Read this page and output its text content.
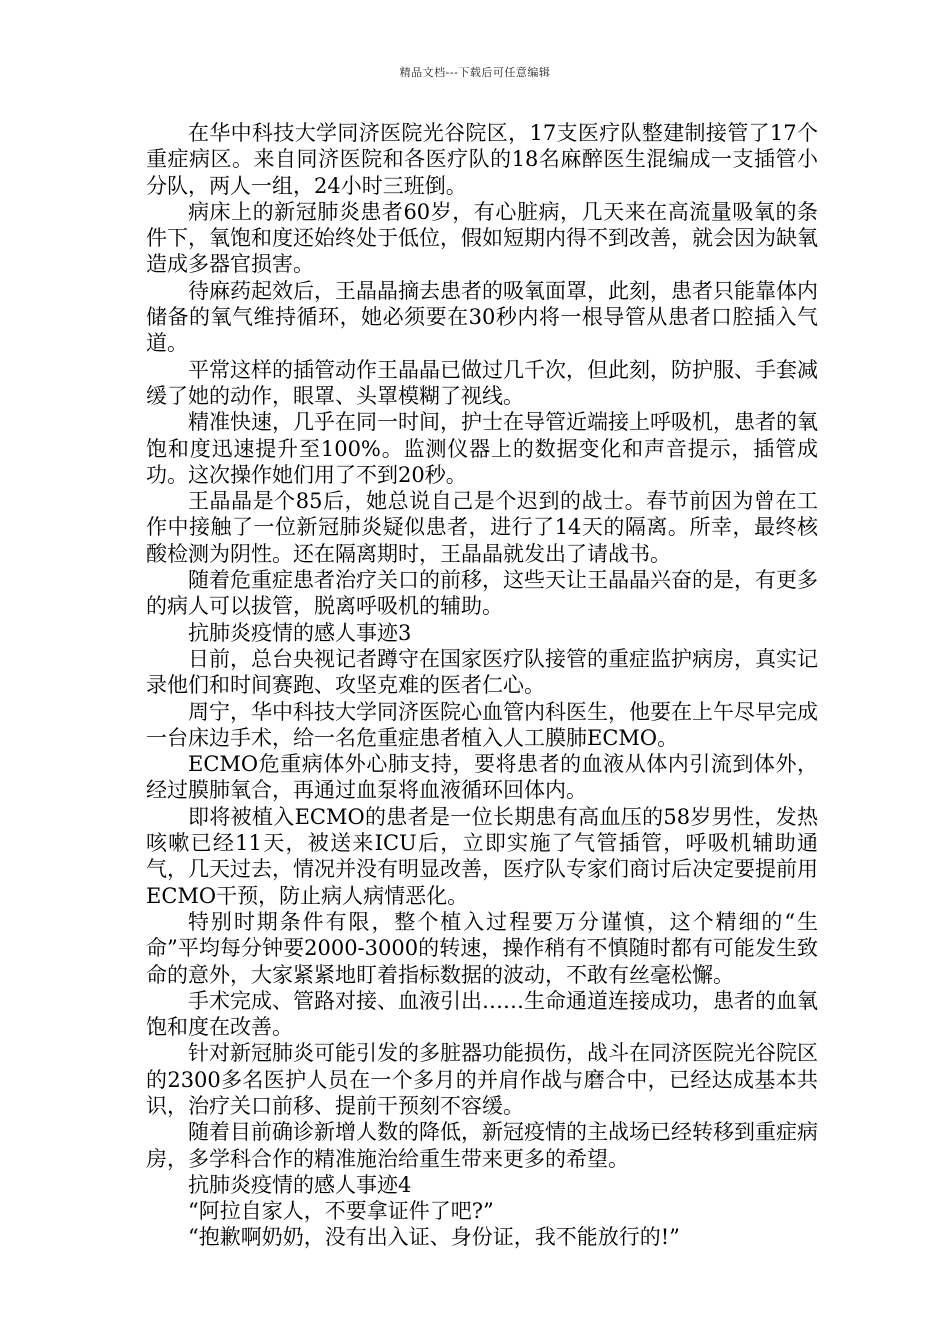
精品文档---下载后可任意编辑

在华中科技大学同济医院光谷院区，17支医疗队整建制接管了17个重症病区。来自同济医院和各医疗队的18名麻醉医生混编成一支插管小分队，两人一组，24小时三班倒。

病床上的新冠肺炎患者60岁，有心脏病，几天来在高流量吸氧的条件下，氧饱和度还始终处于低位，假如短期内得不到改善，就会因为缺氧造成多器官损害。

待麻药起效后，王晶晶摘去患者的吸氧面罩，此刻，患者只能靠体内储备的氧气维持循环，她必须要在30秒内将一根导管从患者口腔插入气道。

平常这样的插管动作王晶晶已做过几千次，但此刻，防护服、手套减缓了她的动作，眼罩、头罩模糊了视线。

精准快速，几乎在同一时间，护士在导管近端接上呼吸机，患者的氧饱和度迅速提升至100%。监测仪器上的数据变化和声音提示，插管成功。这次操作她们用了不到20秒。

王晶晶是个85后，她总说自己是个迟到的战士。春节前因为曾在工作中接触了一位新冠肺炎疑似患者，进行了14天的隔离。所幸，最终核酸检测为阴性。还在隔离期时，王晶晶就发出了请战书。

随着危重症患者治疗关口的前移，这些天让王晶晶兴奋的是，有更多的病人可以拔管，脱离呼吸机的辅助。

抗肺炎疫情的感人事迹3

日前，总台央视记者蹲守在国家医疗队接管的重症监护病房，真实记录他们和时间赛跑、攻坚克难的医者仁心。

周宁，华中科技大学同济医院心血管内科医生，他要在上午尽早完成一台床边手术，给一名危重症患者植入人工膜肺ECMO。

ECMO危重病体外心肺支持，要将患者的血液从体内引流到体外，经过膜肺氧合，再通过血泵将血液循环回体内。

即将被植入ECMO的患者是一位长期患有高血压的58岁男性，发热咳嗽已经11天，被送来ICU后，立即实施了气管插管，呼吸机辅助通气，几天过去，情况并没有明显改善，医疗队专家们商讨后决定要提前用ECMO干预，防止病人病情恶化。

特别时期条件有限，整个植入过程要万分谨慎，这个精细的“生命”平均每分钟要2000-3000的转速，操作稍有不慎随时都有可能发生致命的意外，大家紧紧地盯着指标数据的波动，不敢有丝毫松懈。

手术完成、管路对接、血液引出……生命通道连接成功，患者的血氧饱和度在改善。

针对新冠肺炎可能引发的多脏器功能损伤，战斗在同济医院光谷院区的2300多名医护人员在一个多月的并肩作战与磨合中，已经达成基本共识，治疗关口前移、提前干预刻不容缓。

随着目前确诊新增人数的降低，新冠疫情的主战场已经转移到重症病房，多学科合作的精准施治给重生带来更多的希望。

抗肺炎疫情的感人事迹4

“阿拉自家人，不要拿证件了吧?”

“抱歉啊奶奶，没有出入证、身份证，我不能放行的!”
